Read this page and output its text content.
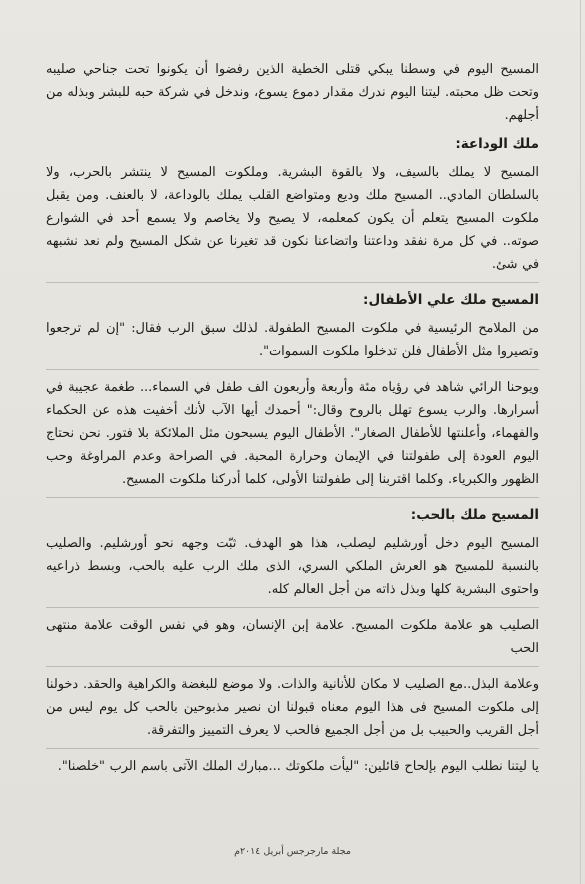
المسيح اليوم في وسطنا يبكي قتلى الخطية الذين رفضوا أن يكونوا تحت جناحي صليبه وتحت ظل محبته. ليتنا اليوم ندرك مقدار دموع يسوع، وندخل في شركة حبه للبشر وبذله من أجلهم.

ملك الوداعة:

المسيح لا يملك بالسيف، ولا بالقوة البشرية. وملكوت المسيح لا ينتشر بالحرب، ولا بالسلطان المادي.. المسيح ملك وديع ومتواضع القلب يملك بالوداعة، لا بالعنف. ومن يقبل ملكوت المسيح يتعلم أن يكون كمعلمه، لا يصيح ولا يخاصم ولا يسمع أحد في الشوارع صوته.. في كل مرة نفقد وداعتنا واتضاعنا نكون قد تغيرنا عن شكل المسيح ولم نعد نشبهه في شئ.

المسيح ملك علي الأطفال:

من الملامح الرئيسية في ملكوت المسيح الطفولة. لذلك سبق الرب فقال: "إن لم ترجعوا وتصيروا مثل الأطفال فلن تدخلوا ملكوت السموات".

ويوحنا الرائي شاهد في رؤياه مئة وأربعة وأربعون الف طفل في السماء... طغمة عجيبة في أسرارها. والرب يسوع تهلل بالروح وقال:" أحمدك أيها الآب لأنك أخفيت هذه عن الحكماء والفهماء، وأعلنتها للأطفال الصغار". الأطفال اليوم يسبحون مثل الملائكة بلا فتور. نحن نحتاج اليوم العودة إلى طفولتنا في الإيمان وحرارة المحبة. في الصراحة وعدم المراوغة وحب الظهور والكبرياء. وكلما اقتربنا إلى طفولتنا الأولى، كلما أدركنا ملكوت المسيح.

المسيح ملك بالحب:

المسيح اليوم دخل أورشليم ليصلب، هذا هو الهدف. ثبّت وجهه نحو أورشليم. والصليب بالنسبة للمسيح هو العرش الملكي السري، الذى ملك الرب عليه بالحب، وبسط ذراعيه واحتوى البشرية كلها وبذل ذاته من أجل العالم كله.

الصليب هو علامة ملكوت المسيح. علامة إبن الإنسان، وهو في نفس الوقت علامة منتهى الحب

وعلامة البذل..مع الصليب لا مكان للأنانية والذات. ولا موضع للبغضة والكراهية والحقد. دخولنا إلى ملكوت المسيح فى هذا اليوم معناه قبولنا ان نصير مذبوحين بالحب كل يوم ليس من أجل القريب والحبيب بل من أجل الجميع فالحب لا يعرف التمييز والتفرقة.

يا ليتنا نطلب اليوم بإلحاح قائلين: "ليأت ملكوتك ...مبارك الملك الآتى باسم الرب "خلصنا".

مجلة مارجرجس أبريل ٢٠١٤م
